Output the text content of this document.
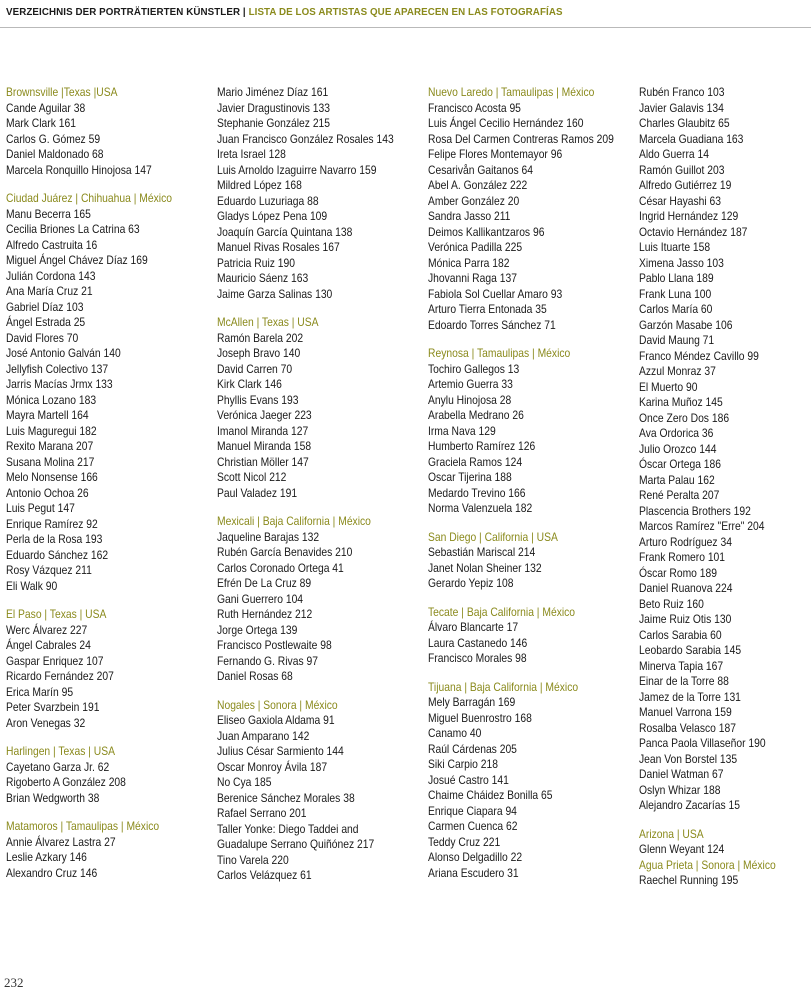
VERZEICHNIS DER PORTRÄTIERTEN KÜNSTLER | LISTA DE LOS ARTISTAS QUE APARECEN EN LAS FOTOGRAFÍAS
Brownsville |Texas |USA
Cande Aguilar 38
Mark Clark 161
Carlos G. Gómez 59
Daniel Maldonado 68
Marcela Ronquillo Hinojosa 147
Ciudad Juárez | Chihuahua | México
Manu Becerra 165
Cecilia Briones La Catrina 63
Alfredo Castruita 16
Miguel Ángel Chávez Díaz 169
Julián Cordona 143
Ana María Cruz 21
Gabriel Díaz 103
Ángel Estrada 25
David Flores 70
José Antonio Galván 140
Jellyfish Colectivo 137
Jarris Macías Jrmx 133
Mónica Lozano 183
Mayra Martell 164
Luis Maguregui 182
Rexito Marana 207
Susana Molina 217
Melo Nonsense 166
Antonio Ochoa 26
Luis Pegut 147
Enrique Ramírez 92
Perla de la Rosa 193
Eduardo Sánchez 162
Rosy Vázquez 211
Eli Walk 90
El Paso | Texas | USA
Werc Álvarez 227
Ángel Cabrales 24
Gaspar Enriquez 107
Ricardo Fernández 207
Erica Marín 95
Peter Svarzbein 191
Aron Venegas 32
Harlingen | Texas | USA
Cayetano Garza Jr. 62
Rigoberto A González 208
Brian Wedgworth 38
Matamoros | Tamaulipas | México
Annie Álvarez Lastra 27
Leslie Azkary 146
Alexandro Cruz 146
Mario Jiménez Díaz 161
Javier Dragustinovis 133
Stephanie González 215
Juan Francisco González Rosales 143
Ireta Israel 128
Luis Arnoldo Izaguirre Navarro 159
Mildred López 168
Eduardo Luzuriaga 88
Gladys López Pena 109
Joaquín García Quintana 138
Manuel Rivas Rosales 167
Patricia Ruiz 190
Mauricio Sáenz 163
Jaime Garza Salinas 130
McAllen | Texas | USA
Ramón Barela 202
Joseph Bravo 140
David Carren 70
Kirk Clark 146
Phyllis Evans 193
Verónica Jaeger 223
Imanol Miranda 127
Manuel Miranda 158
Christian Möller 147
Scott Nicol 212
Paul Valadez 191
Mexicali | Baja California | México
Jaqueline Barajas 132
Rubén García Benavides 210
Carlos Coronado Ortega 41
Efrén De La Cruz 89
Gani Guerrero 104
Ruth Hernández 212
Jorge Ortega 139
Francisco Postlewaite 98
Fernando G. Rivas 97
Daniel Rosas 68
Nogales | Sonora | México
Eliseo Gaxiola Aldama 91
Juan Amparano 142
Julius César Sarmiento 144
Oscar Monroy Ávila 187
No Cya 185
Berenice Sánchez Morales 38
Rafael Serrano 201
Taller Yonke: Diego Taddei and
Guadalupe Serrano Quiñónez 217
Tino Varela 220
Carlos Velázquez 61
Nuevo Laredo | Tamaulipas | México
Francisco Acosta 95
Luis Ángel Cecilio Hernández 160
Rosa Del Carmen Contreras Ramos 209
Felipe Flores Montemayor 96
Cesarivån Gaitanos 64
Abel A. González 222
Amber González 20
Sandra Jasso 211
Deimos Kallikantzaros 96
Verónica Padilla 225
Mónica Parra 182
Jhovanni Raga 137
Fabiola Sol Cuellar Amaro 93
Arturo Tierra Entonada 35
Edoardo Torres Sánchez 71
Reynosa | Tamaulipas | México
Tochiro Gallegos 13
Artemio Guerra 33
Anylu Hinojosa 28
Arabella Medrano 26
Irma Nava 129
Humberto Ramírez 126
Graciela Ramos 124
Oscar Tijerina 188
Medardo Trevino 166
Norma Valenzuela 182
San Diego | California | USA
Sebastián Mariscal 214
Janet Nolan Sheiner 132
Gerardo Yepiz 108
Tecate | Baja California | México
Álvaro Blancarte 17
Laura Castanedo 146
Francisco Morales 98
Tijuana | Baja California | México
Mely Barragán 169
Miguel Buenrostro 168
Canamo 40
Raúl Cárdenas 205
Siki Carpio 218
Josué Castro 141
Chaime Cháidez Bonilla 65
Enrique Ciapara 94
Carmen Cuenca 62
Teddy Cruz 221
Alonso Delgadillo 22
Ariana Escudero 31
Rubén Franco 103
Javier Galavis 134
Charles Glaubitz 65
Marcela Guadiana 163
Aldo Guerra 14
Ramón Guillot 203
Alfredo Gutiérrez 19
César Hayashi 63
Ingrid Hernández 129
Octavio Hernández 187
Luis Ituarte 158
Ximena Jasso 103
Pablo Llana 189
Frank Luna 100
Carlos María 60
Garzón Masabe 106
David Maung 71
Franco Méndez Cavillo 99
Azzul Monraz 37
El Muerto 90
Karina Muñoz 145
Once Zero Dos 186
Ava Ordorica 36
Julio Orozco 144
Óscar Ortega 186
Marta Palau 162
René Peralta 207
Plascencia Brothers 192
Marcos Ramírez "Erre" 204
Arturo Rodríguez 34
Frank Romero 101
Óscar Romo 189
Daniel Ruanova 224
Beto Ruiz 160
Jaime Ruiz Otis 130
Carlos Sarabia 60
Leobardo Sarabia 145
Minerva Tapia 167
Einar de la Torre 88
Jamez de la Torre 131
Manuel Varrona 159
Rosalba Velasco 187
Panca Paola Villaseñor 190
Jean Von Borstel 135
Daniel Watman 67
Oslyn Whizar 188
Alejandro Zacarías 15
Arizona | USA
Glenn Weyant 124
Agua Prieta | Sonora | México
Raechel Running 195
232
